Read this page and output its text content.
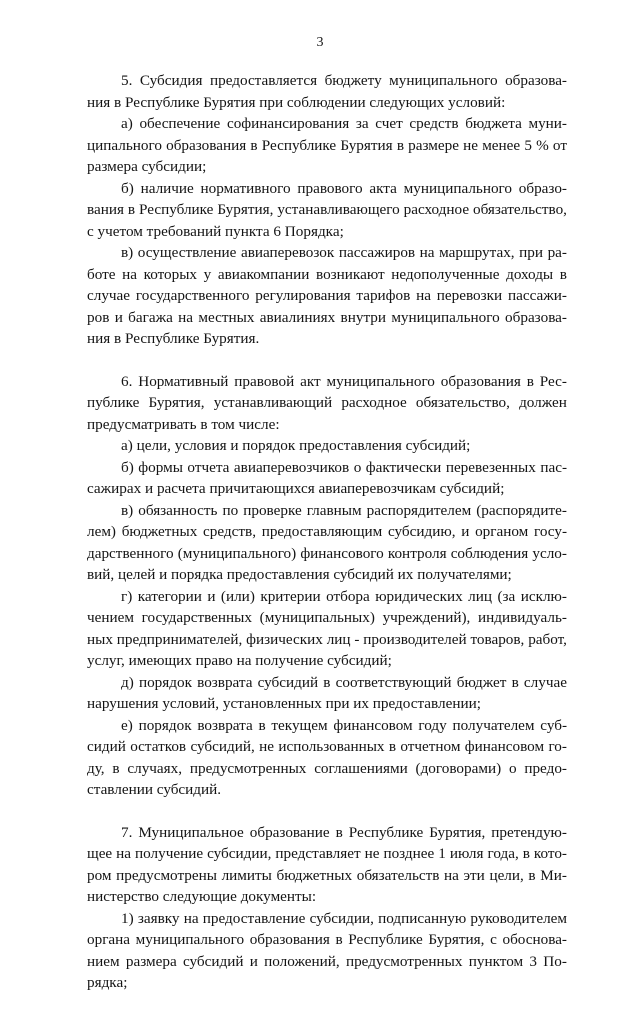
3
5. Субсидия предоставляется бюджету муниципального образова-
ния в Республике Бурятия при соблюдении следующих условий:
а) обеспечение софинансирования за счет средств бюджета муни-
ципального образования в Республике Бурятия в размере не менее 5 % от
размера субсидии;
б) наличие нормативного правового акта муниципального образо-
вания в Республике Бурятия, устанавливающего расходное обязательство,
с учетом требований пункта 6 Порядка;
в) осуществление авиаперевозок пассажиров на маршрутах, при ра-
боте на которых у авиакомпании возникают недополученные доходы в
случае государственного регулирования тарифов на перевозки пассажи-
ров и багажа на местных авиалиниях внутри муниципального образова-
ния в Республике Бурятия.
6. Нормативный правовой акт муниципального образования в Рес-
публике Бурятия, устанавливающий расходное обязательство, должен
предусматривать в том числе:
а) цели, условия и порядок предоставления субсидий;
б) формы отчета авиаперевозчиков о фактически перевезенных пас-
сажирах и расчета причитающихся авиаперевозчикам субсидий;
в) обязанность по проверке главным распорядителем (распорядите-
лем) бюджетных средств, предоставляющим субсидию, и органом госу-
дарственного (муниципального) финансового контроля соблюдения усло-
вий, целей и порядка предоставления субсидий их получателями;
г) категории и (или) критерии отбора юридических лиц (за исклю-
чением государственных (муниципальных) учреждений), индивидуаль-
ных предпринимателей, физических лиц - производителей товаров, работ,
услуг, имеющих право на получение субсидий;
д) порядок возврата субсидий в соответствующий бюджет в случае
нарушения условий, установленных при их предоставлении;
е) порядок возврата в текущем финансовом году получателем суб-
сидий остатков субсидий, не использованных в отчетном финансовом го-
ду, в случаях, предусмотренных соглашениями (договорами) о предо-
ставлении субсидий.
7. Муниципальное образование в Республике Бурятия, претендую-
щее на получение субсидии, представляет не позднее 1 июля года, в кото-
ром предусмотрены лимиты бюджетных обязательств на эти цели, в Ми-
нистерство следующие документы:
1) заявку на предоставление субсидии, подписанную руководителем
органа муниципального образования в Республике Бурятия, с обоснова-
нием размера субсидий и положений, предусмотренных пунктом 3 По-
рядка;
